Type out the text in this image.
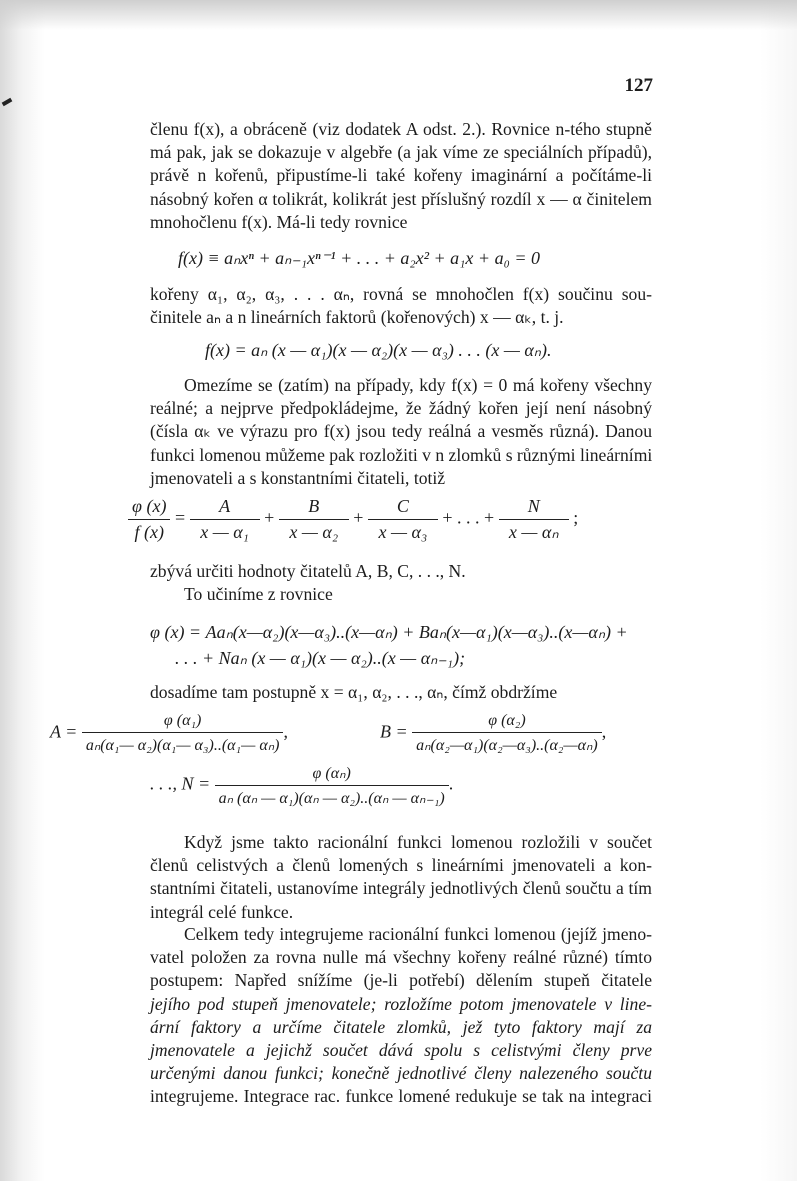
127
členu f(x), a obráceně (viz dodatek A odst. 2.). Rovnice n-tého stupně
má pak, jak se dokazuje v algebře (a jak víme ze speciálních případů),
právě n kořenů, připustíme-li také kořeny imaginární a počítáme-li
násobný kořen α tolikrát, kolikrát jest příslušný rozdíl x — α činitelem
mnohočlenu f(x). Má-li tedy rovnice
f(x) ≡ aₙxⁿ + aₙ₋₁xⁿ⁻¹ + . . . + a₂x² + a₁x + a₀ = 0
kořeny α₁, α₂, α₃, . . . αₙ, rovná se mnohočlen f(x) součinu sou-
činitele aₙ a n lineárních faktorů (kořenových) x — αₖ, t. j.
f(x) = aₙ (x — α₁)(x — α₂)(x — α₃) . . . (x — αₙ).
Omezíme se (zatím) na případy, kdy f(x) = 0 má kořeny všechny
reálné; a nejprve předpokládejme, že žádný kořen její není násobný
(čísla αₖ ve výrazu pro f(x) jsou tedy reálná a vesměs různá). Danou
funkci lomenou můžeme pak rozložiti v n zlomků s různými lineárními
jmenovateli a s konstantními čitateli, totiž
$\frac{\varphi (x)}{f (x)} = \frac{A}{\text{x — α₁}} + \frac{B}{\text{x — α₂}} + \frac{C}{\text{x — α₃}}$ + . . . + $\frac{N}{\text{x — αₙ}}$ ;
zbývá určiti hodnoty čitatelů A, B, C, . . ., N.
To učiníme z rovnice
φ (x) = Aaₙ(x—α₂)(x—α₃)..(x—αₙ) + Baₙ(x—α₁)(x—α₃)..(x—αₙ) +
. . . + Naₙ (x — α₁)(x — α₂)..(x — αₙ₋₁);
dosadíme tam postupně x = α₁, α₂, . . ., αₙ, čímž obdržíme
$A = \frac{\text{φ (α₁)}}{\text{aₙ(α₁— α₂)(α₁— α₃)..(α₁— αₙ)}}$ ,	$B = \frac{\text{φ (α₂)}}{\text{aₙ(α₂—α₁)(α₂—α₃)..(α₂—αₙ)}}$ ,
. . ., $N = \frac{\text{φ (αₙ)}}{\text{aₙ (αₙ — α₁)(αₙ — α₂)..(αₙ — αₙ₋₁)}}$ .
Když jsme takto racionální funkci lomenou rozložili v součet
členů celistvých a členů lomených s lineárními jmenovateli a kon-
stantními čitateli, ustanovíme integrály jednotlivých členů součtu a tím
integrál celé funkce.
Celkem tedy integrujeme racionální funkci lomenou (jejíž jmeno-
vatel položen za rovna nulle má všechny kořeny reálné různé) tímto
postupem: Napřed snížíme (je-li potřebí) dělením stupeň čitatele
jejího pod stupeň jmenovatele; rozložíme potom jmenovatele v line-
ární faktory a určíme čitatele zlomků, jež tyto faktory mají za
jmenovatele a jejichž součet dává spolu s celistvými členy prve
určenými danou funkci; konečně jednotlivé členy nalezeného součtu
integrujeme. Integrace rac. funkce lomené redukuje se tak na integraci
